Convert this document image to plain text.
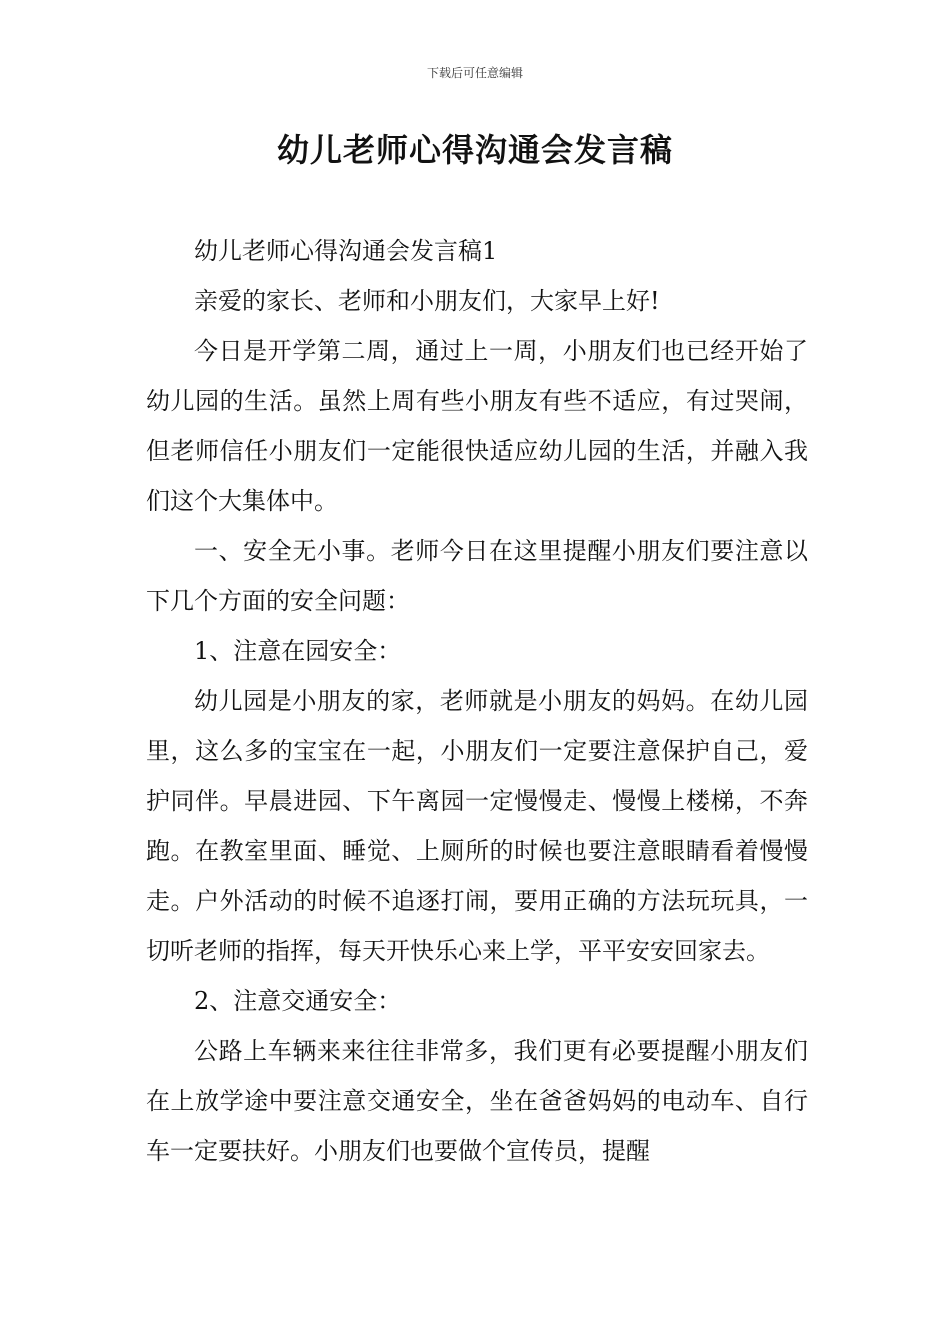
下载后可任意编辑
幼儿老师心得沟通会发言稿

幼儿老师心得沟通会发言稿1

亲爱的家长、老师和小朋友们，大家早上好!

今日是开学第二周，通过上一周，小朋友们也已经开始了幼儿园的生活。虽然上周有些小朋友有些不适应，有过哭闹，但老师信任小朋友们一定能很快适应幼儿园的生活，并融入我们这个大集体中。

一、安全无小事。老师今日在这里提醒小朋友们要注意以下几个方面的安全问题：

1、注意在园安全：

幼儿园是小朋友的家，老师就是小朋友的妈妈。在幼儿园里，这么多的宝宝在一起，小朋友们一定要注意保护自己，爱护同伴。早晨进园、下午离园一定慢慢走、慢慢上楼梯，不奔跑。在教室里面、睡觉、上厕所的时候也要注意眼睛看着慢慢走。户外活动的时候不追逐打闹，要用正确的方法玩玩具，一切听老师的指挥，每天开快乐心来上学，平平安安回家去。

2、注意交通安全：

公路上车辆来来往往非常多，我们更有必要提醒小朋友们在上放学途中要注意交通安全，坐在爸爸妈妈的电动车、自行车一定要扶好。小朋友们也要做个宣传员，提醒
